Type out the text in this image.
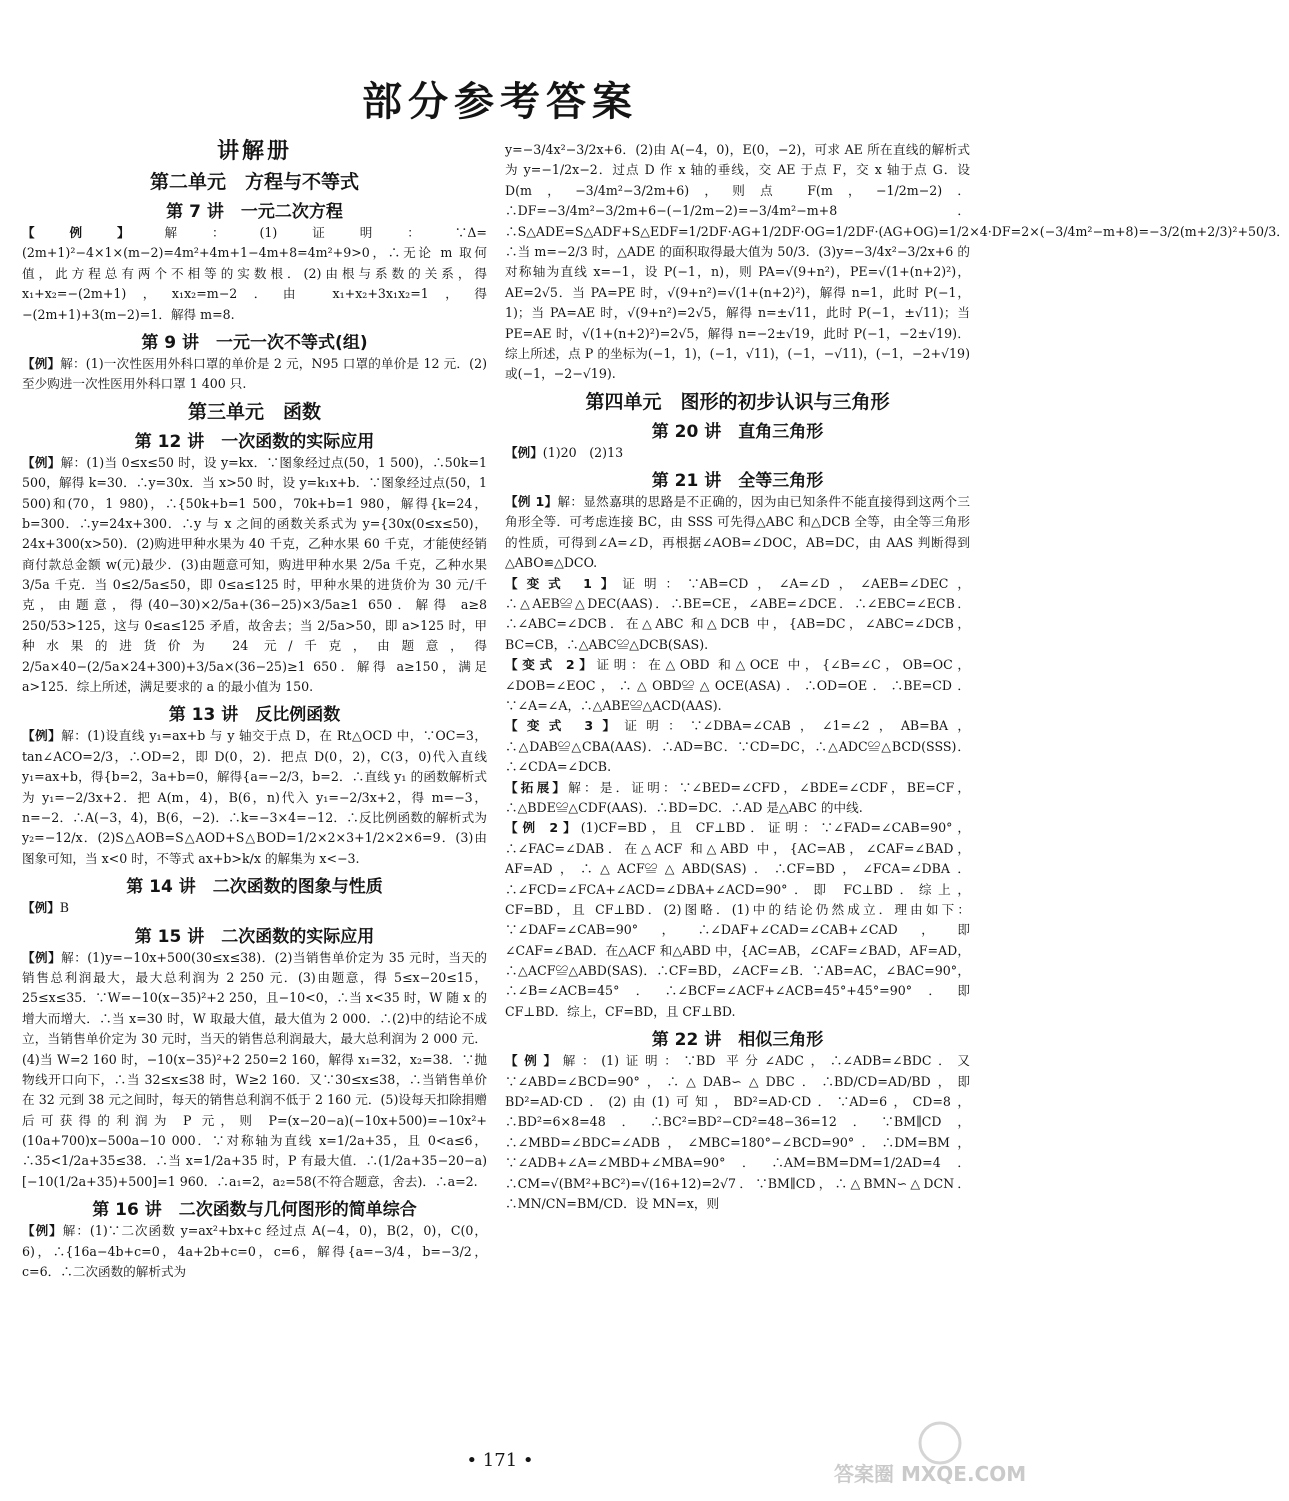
部分参考答案
讲解册
第二单元　方程与不等式
第 7 讲　一元二次方程

【例】解：(1)证明：∵Δ=(2m+1)²−4×1×(m−2)=4m²+4m+1−4m+8=4m²+9>0，∴无论 m 取何值，此方程总有两个不相等的实数根．(2)由根与系数的关系，得 x₁+x₂=−(2m+1)，x₁x₂=m−2．由 x₁+x₂+3x₁x₂=1，得−(2m+1)+3(m−2)=1．解得 m=8.

第 9 讲　一元一次不等式(组)

【例】解：(1)一次性医用外科口罩的单价是 2 元，N95 口罩的单价是 12 元．(2)至少购进一次性医用外科口罩 1 400 只.

第三单元　函数
第 12 讲　一次函数的实际应用

【例】解：(1)当 0≤x≤50 时，设 y=kx．∵图象经过点(50，1 500)，∴50k=1 500，解得 k=30．∴y=30x．当 x>50 时，设 y=k₁x+b．∵图象经过点(50，1 500)和(70，1 980)，∴{50k+b=1 500，70k+b=1 980，解得{k=24，b=300．∴y=24x+300．∴y 与 x 之间的函数关系式为 y={30x(0≤x≤50)，24x+300(x>50)．(2)购进甲种水果为 40 千克，乙种水果 60 千克，才能使经销商付款总金额 w(元)最少．(3)由题意可知，购进甲种水果 2/5a 千克，乙种水果 3/5a 千克．当 0≤2/5a≤50，即 0≤a≤125 时，甲种水果的进货价为 30 元/千克，由题意，得(40−30)×2/5a+(36−25)×3/5a≥1 650．解得 a≥8 250/53>125，这与 0≤a≤125 矛盾，故舍去；当 2/5a>50，即 a>125 时，甲种水果的进货价为 24 元/千克，由题意，得 2/5a×40−(2/5a×24+300)+3/5a×(36−25)≥1 650．解得 a≥150，满足 a>125．综上所述，满足要求的 a 的最小值为 150.

第 13 讲　反比例函数

【例】解：(1)设直线 y₁=ax+b 与 y 轴交于点 D，在 Rt△OCD 中，∵OC=3，tan∠ACO=2/3，∴OD=2，即 D(0，2)．把点 D(0，2)，C(3，0)代入直线 y₁=ax+b，得{b=2，3a+b=0，解得{a=−2/3，b=2．∴直线 y₁ 的函数解析式为 y₁=−2/3x+2．把 A(m，4)，B(6，n)代入 y₁=−2/3x+2，得 m=−3，n=−2．∴A(−3，4)，B(6，−2)．∴k=−3×4=−12．∴反比例函数的解析式为 y₂=−12/x．(2)S△AOB=S△AOD+S△BOD=1/2×2×3+1/2×2×6=9．(3)由图象可知，当 x<0 时，不等式 ax+b>k/x 的解集为 x<−3.

第 14 讲　二次函数的图象与性质

【例】B

第 15 讲　二次函数的实际应用

【例】解：(1)y=−10x+500(30≤x≤38)．(2)当销售单价定为 35 元时，当天的销售总利润最大，最大总利润为 2 250 元．(3)由题意，得 5≤x−20≤15，25≤x≤35．∵W=−10(x−35)²+2 250，且−10<0，∴当 x<35 时，W 随 x 的增大而增大．∴当 x=30 时，W 取最大值，最大值为 2 000．∴(2)中的结论不成立，当销售单价定为 30 元时，当天的销售总利润最大，最大总利润为 2 000 元．(4)当 W=2 160 时，−10(x−35)²+2 250=2 160，解得 x₁=32，x₂=38．∵抛物线开口向下，∴当 32≤x≤38 时，W≥2 160．又∵30≤x≤38，∴当销售单价在 32 元到 38 元之间时，每天的销售总利润不低于 2 160 元．(5)设每天扣除捐赠后可获得的利润为 P 元，则 P=(x−20−a)(−10x+500)=−10x²+(10a+700)x−500a−10 000．∵对称轴为直线 x=1/2a+35，且 0<a≤6，∴35<1/2a+35≤38．∴当 x=1/2a+35 时，P 有最大值．∴(1/2a+35−20−a)[−10(1/2a+35)+500]=1 960．∴a₁=2，a₂=58(不符合题意，舍去)．∴a=2.

第 16 讲　二次函数与几何图形的简单综合

【例】解：(1)∵二次函数 y=ax²+bx+c 经过点 A(−4，0)，B(2，0)，C(0，6)，∴{16a−4b+c=0，4a+2b+c=0，c=6，解得{a=−3/4，b=−3/2，c=6．∴二次函数的解析式为

y=−3/4x²−3/2x+6．(2)由 A(−4，0)，E(0，−2)，可求 AE 所在直线的解析式为 y=−1/2x−2．过点 D 作 x 轴的垂线，交 AE 于点 F，交 x 轴于点 G．设 D(m，−3/4m²−3/2m+6)，则点 F(m，−1/2m−2)．∴DF=−3/4m²−3/2m+6−(−1/2m−2)=−3/4m²−m+8．∴S△ADE=S△ADF+S△EDF=1/2DF·AG+1/2DF·OG=1/2DF·(AG+OG)=1/2×4·DF=2×(−3/4m²−m+8)=−3/2(m+2/3)²+50/3．∴当 m=−2/3 时，△ADE 的面积取得最大值为 50/3．(3)y=−3/4x²−3/2x+6 的对称轴为直线 x=−1，设 P(−1，n)，则 PA=√(9+n²)，PE=√(1+(n+2)²)，AE=2√5．当 PA=PE 时，√(9+n²)=√(1+(n+2)²)，解得 n=1，此时 P(−1，1)；当 PA=AE 时，√(9+n²)=2√5，解得 n=±√11，此时 P(−1，±√11)；当 PE=AE 时，√(1+(n+2)²)=2√5，解得 n=−2±√19，此时 P(−1，−2±√19)．综上所述，点 P 的坐标为(−1，1)，(−1，√11)，(−1，−√11)，(−1，−2+√19)或(−1，−2−√19).

第四单元　图形的初步认识与三角形
第 20 讲　直角三角形

【例】(1)20　(2)13

第 21 讲　全等三角形

【例 1】解：显然嘉琪的思路是不正确的，因为由已知条件不能直接得到这两个三角形全等．可考虑连接 BC，由 SSS 可先得△ABC 和△DCB 全等，由全等三角形的性质，可得到∠A=∠D，再根据∠AOB=∠DOC，AB=DC，由 AAS 判断得到△ABO≌△DCO.

【变式 1】证明：∵AB=CD，∠A=∠D，∠AEB=∠DEC，∴△AEB≌△DEC(AAS)．∴BE=CE，∠ABE=∠DCE．∴∠EBC=∠ECB．∴∠ABC=∠DCB．在△ABC 和△DCB 中，{AB=DC，∠ABC=∠DCB，BC=CB，∴△ABC≌△DCB(SAS).

【变式 2】证明：在△OBD 和△OCE 中，{∠B=∠C，OB=OC，∠DOB=∠EOC，∴△OBD≌△OCE(ASA)．∴OD=OE．∴BE=CD．∵∠A=∠A，∴△ABE≌△ACD(AAS).

【变式 3】证明：∵∠DBA=∠CAB，∠1=∠2，AB=BA，∴△DAB≌△CBA(AAS)．∴AD=BC．∵CD=DC，∴△ADC≌△BCD(SSS)．∴∠CDA=∠DCB.

【拓展】解：是．证明：∵∠BED=∠CFD，∠BDE=∠CDF，BE=CF，∴△BDE≌△CDF(AAS)．∴BD=DC．∴AD 是△ABC 的中线.

【例 2】(1)CF=BD，且 CF⊥BD．证明：∵∠FAD=∠CAB=90°，∴∠FAC=∠DAB．在△ACF 和△ABD 中，{AC=AB，∠CAF=∠BAD，AF=AD，∴△ACF≌△ABD(SAS)．∴CF=BD，∠FCA=∠DBA．∴∠FCD=∠FCA+∠ACD=∠DBA+∠ACD=90°．即 FC⊥BD．综上，CF=BD，且 CF⊥BD．(2)图略．(1)中的结论仍然成立．理由如下：∵∠DAF=∠CAB=90°，∴∠DAF+∠CAD=∠CAB+∠CAD，即∠CAF=∠BAD．在△ACF 和△ABD 中，{AC=AB，∠CAF=∠BAD，AF=AD，∴△ACF≌△ABD(SAS)．∴CF=BD，∠ACF=∠B．∵AB=AC，∠BAC=90°，∴∠B=∠ACB=45°．∴∠BCF=∠ACF+∠ACB=45°+45°=90°．即 CF⊥BD．综上，CF=BD，且 CF⊥BD.

第 22 讲　相似三角形

【例】解：(1)证明：∵BD 平分∠ADC，∴∠ADB=∠BDC．又∵∠ABD=∠BCD=90°，∴△DAB∽△DBC．∴BD/CD=AD/BD，即 BD²=AD·CD．(2)由(1)可知，BD²=AD·CD．∵AD=6，CD=8，∴BD²=6×8=48．∴BC²=BD²−CD²=48−36=12．∵BM∥CD，∴∠MBD=∠BDC=∠ADB，∠MBC=180°−∠BCD=90°．∴DM=BM，∵∠ADB+∠A=∠MBD+∠MBA=90°．∴AM=BM=DM=1/2AD=4．∴CM=√(BM²+BC²)=√(16+12)=2√7．∵BM∥CD，∴△BMN∽△DCN．∴MN/CN=BM/CD．设 MN=x，则

• 171 •
答案圈 MXQE.COM
